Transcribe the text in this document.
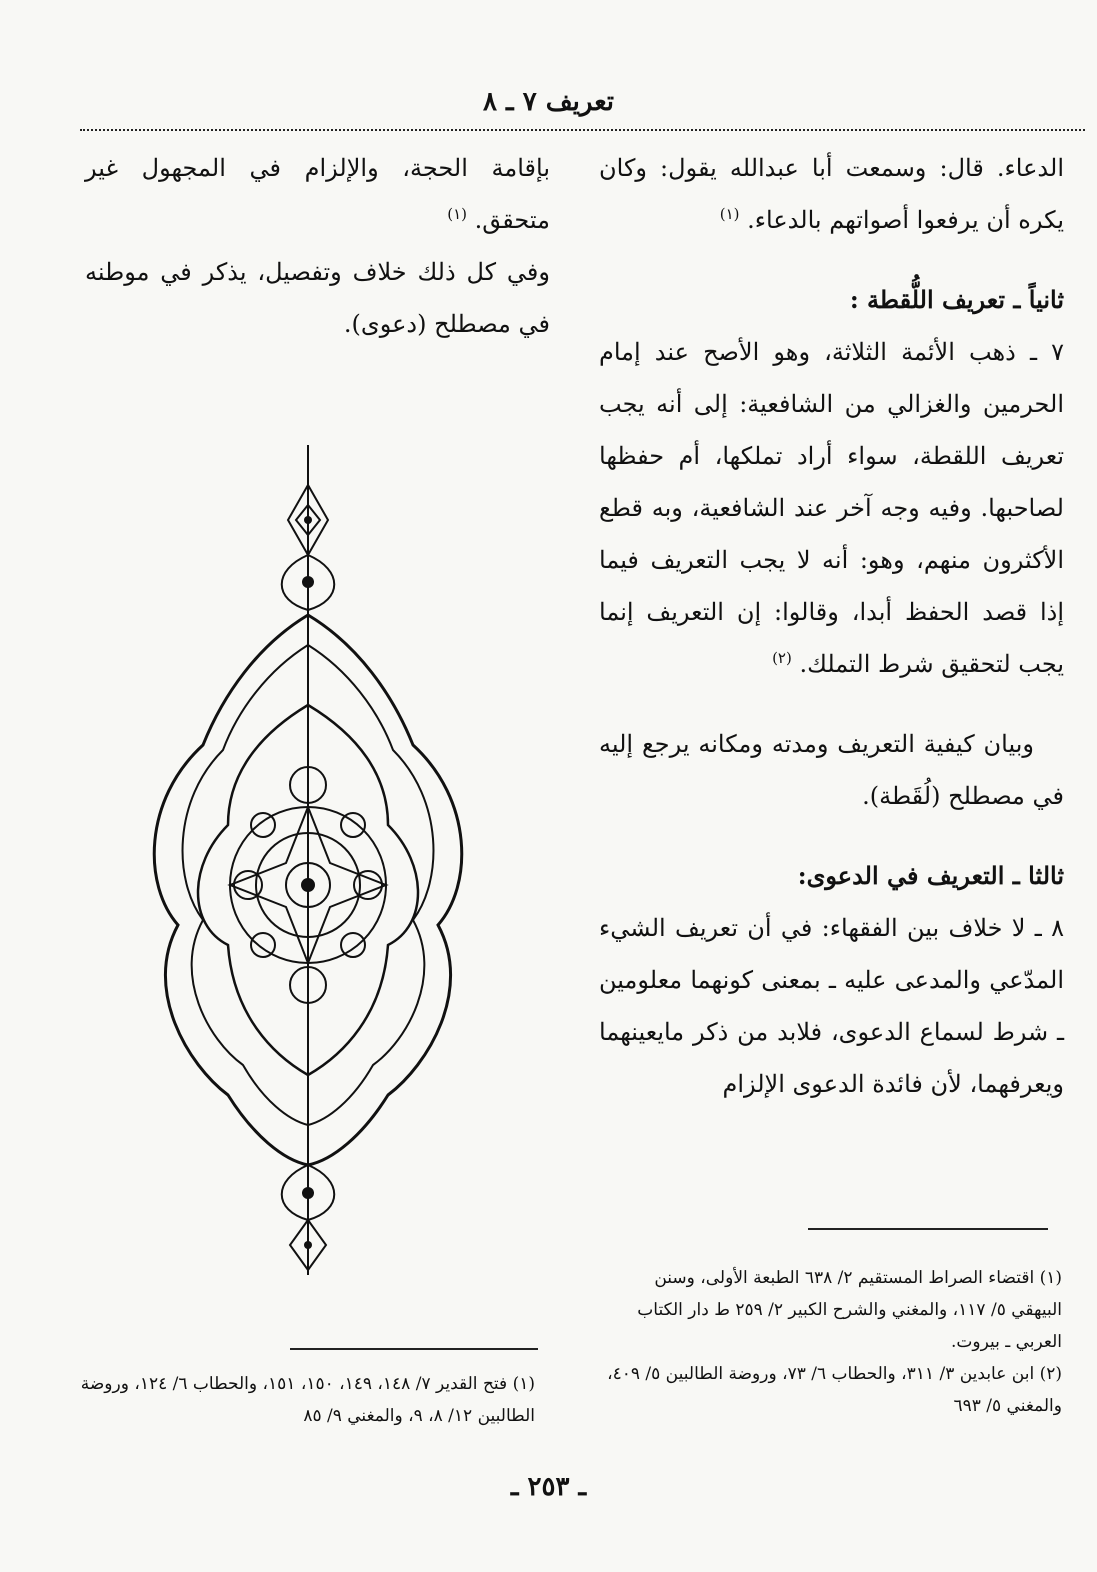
تعريف ٧ ـ ٨

الدعاء. قال: وسمعت أبا عبدالله يقول: وكان يكره أن يرفعوا أصواتهم بالدعاء. $^{(١)}$

ثانياً ـ تعريف اللُّقطة :

٧ ـ ذهب الأئمة الثلاثة، وهو الأصح عند إمام الحرمين والغزالي من الشافعية: إلى أنه يجب تعريف اللقطة، سواء أراد تملكها، أم حفظها لصاحبها. وفيه وجه آخر عند الشافعية، وبه قطع الأكثرون منهم، وهو: أنه لا يجب التعريف فيما إذا قصد الحفظ أبدا، وقالوا: إن التعريف إنما يجب لتحقيق شرط التملك. $^{(٢)}$

وبيان كيفية التعريف ومدته ومكانه يرجع إليه في مصطلح (لُقَطة).

ثالثا ـ التعريف في الدعوى:

٨ ـ لا خلاف بين الفقهاء: في أن تعريف الشيء المدّعي والمدعى عليه ـ بمعنى كونهما معلومين ـ شرط لسماع الدعوى، فلابد من ذكر مايعينهما ويعرفهما، لأن فائدة الدعوى الإلزام

بإقامة الحجة، والإلزام في المجهول غير متحقق. $^{(١)}$

وفي كل ذلك خلاف وتفصيل، يذكر في موطنه في مصطلح (دعوى).

(١) اقتضاء الصراط المستقيم ٢/ ٦٣٨ الطبعة الأولى، وسنن البيهقي ٥/ ١١٧، والمغني والشرح الكبير ٢/ ٢٥٩ ط دار الكتاب العربي ـ بيروت.

(٢) ابن عابدين ٣/ ٣١١، والحطاب ٦/ ٧٣، وروضة الطالبين ٥/ ٤٠٩، والمغني ٥/ ٦٩٣

(١) فتح القدير ٧/ ١٤٨، ١٤٩، ١٥٠، ١٥١، والحطاب ٦/ ١٢٤، وروضة الطالبين ١٢/ ٨، ٩، والمغني ٩/ ٨٥

ـ ٢٥٣ ـ
